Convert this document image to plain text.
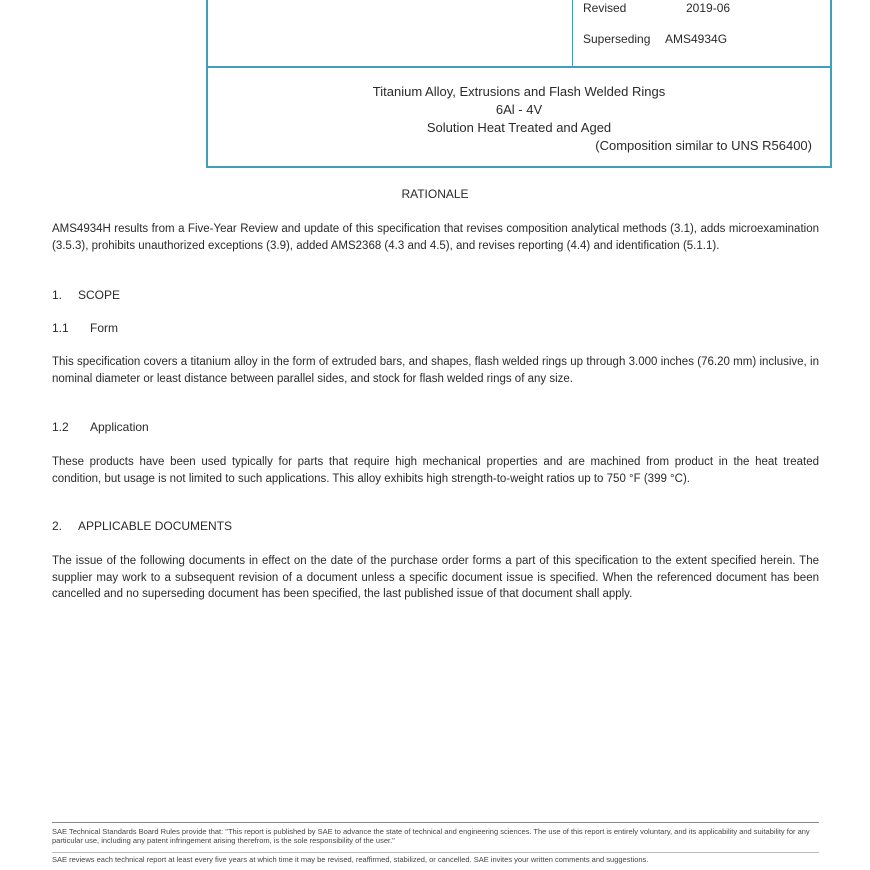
Revised	2019-06
Superseding AMS4934G
Titanium Alloy, Extrusions and Flash Welded Rings
6Al - 4V
Solution Heat Treated and Aged
(Composition similar to UNS R56400)
RATIONALE
AMS4934H results from a Five-Year Review and update of this specification that revises composition analytical methods (3.1), adds microexamination (3.5.3), prohibits unauthorized exceptions (3.9), added AMS2368 (4.3 and 4.5), and revises reporting (4.4) and identification (5.1.1).
1. SCOPE
1.1 Form
This specification covers a titanium alloy in the form of extruded bars, and shapes, flash welded rings up through 3.000 inches (76.20 mm) inclusive, in nominal diameter or least distance between parallel sides, and stock for flash welded rings of any size.
1.2 Application
These products have been used typically for parts that require high mechanical properties and are machined from product in the heat treated condition, but usage is not limited to such applications. This alloy exhibits high strength-to-weight ratios up to 750 °F (399 °C).
2. APPLICABLE DOCUMENTS
The issue of the following documents in effect on the date of the purchase order forms a part of this specification to the extent specified herein. The supplier may work to a subsequent revision of a document unless a specific document issue is specified. When the referenced document has been cancelled and no superseding document has been specified, the last published issue of that document shall apply.
SAE Technical Standards Board Rules provide that: "This report is published by SAE to advance the state of technical and engineering sciences. The use of this report is entirely voluntary, and its applicability and suitability for any particular use, including any patent infringement arising therefrom, is the sole responsibility of the user."
SAE reviews each technical report at least every five years at which time it may be revised, reaffirmed, stabilized, or cancelled. SAE invites your written comments and suggestions.
